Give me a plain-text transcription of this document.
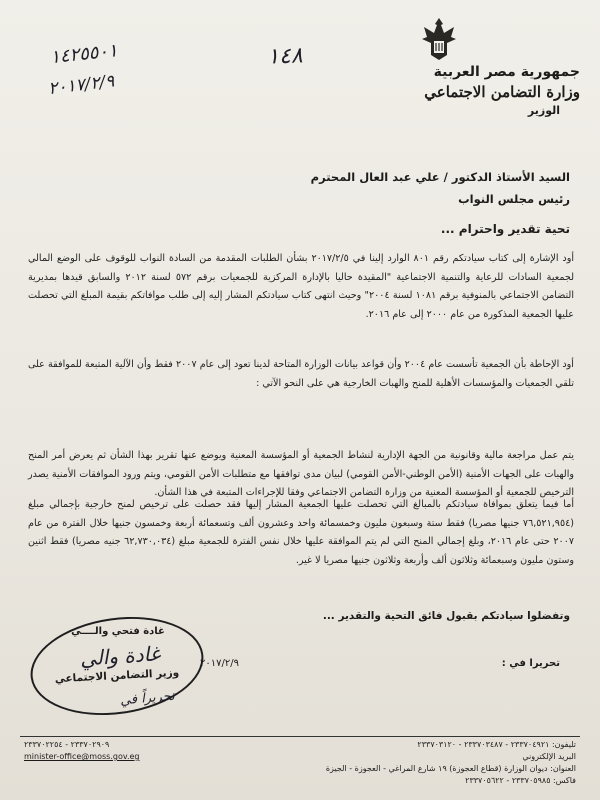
١٤٢٥٥٠١
٢٠١٧/٢/٩
١٤٨
جمهورية مصر العربية
وزارة التضامن الاجتماعي
الوزير
السيد الأستاذ الدكتور / علي عبد العال المحترم
رئيس مجلس النواب
تحية تقدير واحترام ...
أود الإشارة إلى كتاب سيادتكم رقم ٨٠١ الوارد إلينا في ٢٠١٧/٢/٥ بشأن الطلبات المقدمة من السادة النواب للوقوف على الوضع المالي لجمعية السادات للرعاية والتنمية الاجتماعية "المقيدة حاليا بالإدارة المركزية للجمعيات برقم ٥٧٢ لسنة ٢٠١٢ والسابق قيدها بمديرية التضامن الاجتماعي بالمنوفية برقم ١٠٨١ لسنة ٢٠٠٤" وحيث انتهى كتاب سيادتكم المشار إليه إلى طلب موافاتكم بقيمة المبلغ التي تحصلت عليها الجمعية المذكورة من عام ٢٠٠٠ إلى عام ٢٠١٦.
أود الإحاطة بأن الجمعية تأسست عام ٢٠٠٤ وأن قواعد بيانات الوزارة المتاحة لدينا تعود إلى عام ٢٠٠٧ فقط وأن الآلية المتبعة للموافقة على تلقي الجمعيات والمؤسسات الأهلية للمنح والهبات الخارجية هي على النحو الآتي :
يتم عمل مراجعة مالية وقانونية من الجهة الإدارية لنشاط الجمعية أو المؤسسة المعنية ويوضع عنها تقرير بهذا الشأن ثم يعرض أمر المنح والهبات على الجهات الأمنية (الأمن الوطني-الأمن القومي) لبيان مدى توافقها مع متطلبات الأمن القومي، ويتم ورود الموافقات الأمنية يصدر الترخيص للجمعية أو المؤسسة المعنية من وزارة التضامن الاجتماعي وفقا للإجراءات المتبعة في هذا الشأن.
أما فيما يتعلق بموافاة سيادتكم بالمبالغ التي تحصلت عليها الجمعية المشار إليها فقد حصلت على ترخيص لمنح خارجية بإجمالي مبلغ (٧٦,٥٢١,٩٥٤ جنيها مصريا) فقط ستة وسبعون مليون وخمسمائة واحد وعشرون ألف وتسعمائة أربعة وخمسون جنيها خلال الفترة من عام ٢٠٠٧ حتى عام ٢٠١٦، وبلغ إجمالي المنح التي لم يتم الموافقة عليها خلال نفس الفترة للجمعية مبلغ (٦٢,٧٣٠,٠٣٤ جنيه مصريا) فقط اثنين وستون مليون وسبعمائة وثلاثون ألف وأربعة وثلاثون جنيها مصريا لا غير.
وتفضلوا سيادتكم بقبول فائق التحية والتقدير ...
غادة فتحي والــــي
غادة والي
وزير التضامن الاجتماعي
تحريراً في
٢٠١٧/٢/٩	تحريرا في :
٢٣٣٧٠٢٩٠٩ - ٢٣٣٧٠٢٢٥٤	تليفون: ٢٣٣٧٠٤٩٢١ - ٢٣٣٧٠٣٤٨٧ - ٢٣٣٧٠٣١٢٠
minister-office@moss.gov.eg	البريد الإلكتروني
العنوان: ديوان الوزارة (قطاع العجوزة) ١٩ شارع المراغي - العجوزة - الجيزة
فاكس: ٢٣٣٧٠٥٩٨٥ - ٢٣٣٧٠٥٦٢٢
